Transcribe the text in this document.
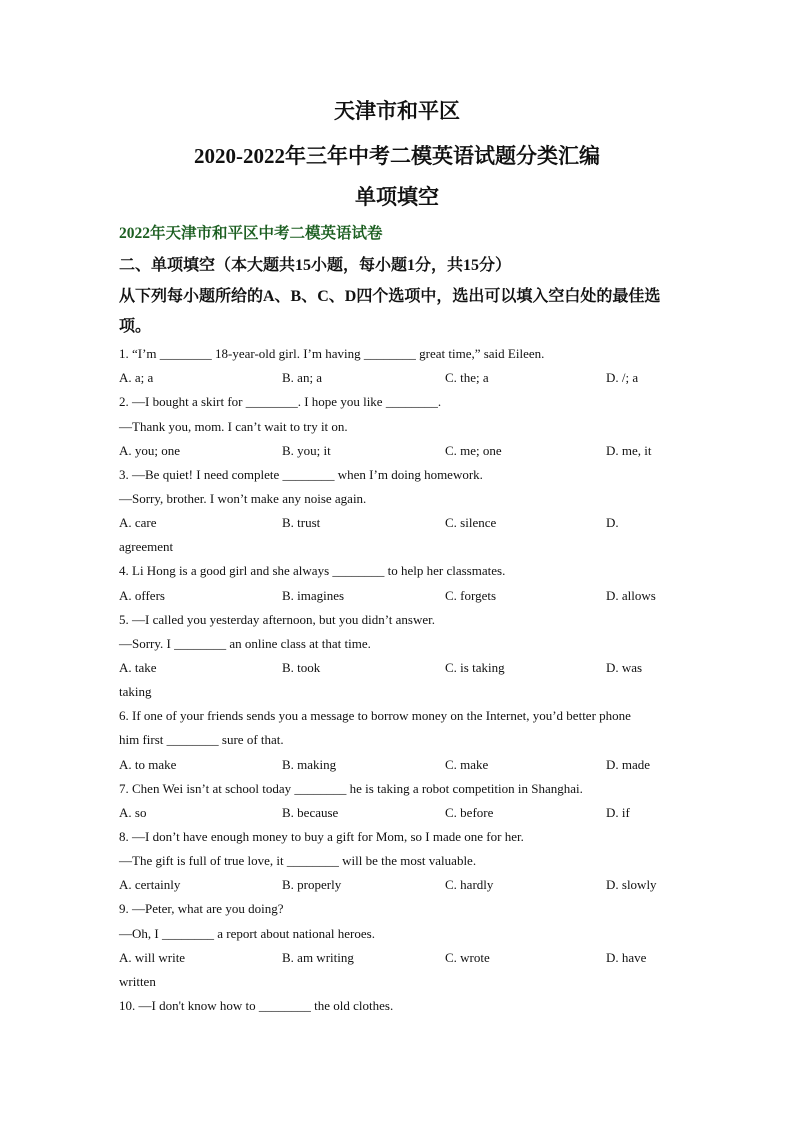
天津市和平区
2020-2022年三年中考二模英语试题分类汇编
单项填空
2022年天津市和平区中考二模英语试卷
二、单项填空（本大题共15小题，每小题1分，共15分）
从下列每小题所给的A、B、C、D四个选项中，选出可以填入空白处的最佳选
项。
1. “I’m ________ 18-year-old girl. I’m having ________ great time,” said Eileen.
A. a; a	B. an; a	C. the; a	D. /; a
2. —I bought a skirt for ________. I hope you like ________.
—Thank you, mom. I can’t wait to try it on.
A. you; one	B. you; it	C. me; one	D. me, it
3. —Be quiet! I need complete ________ when I’m doing homework.
—Sorry, brother. I won’t make any noise again.
A. care	B. trust	C. silence	D.
agreement
4. Li Hong is a good girl and she always ________ to help her classmates.
A. offers	B. imagines	C. forgets	D. allows
5. —I called you yesterday afternoon, but you didn’t answer.
—Sorry. I ________ an online class at that time.
A. take	B. took	C. is taking	D. was
taking
6. If one of your friends sends you a message to borrow money on the Internet, you’d better phone
him first ________ sure of that.
A. to make	B. making	C. make	D. made
7. Chen Wei isn’t at school today ________ he is taking a robot competition in Shanghai.
A. so	B. because	C. before	D. if
8. —I don’t have enough money to buy a gift for Mom, so I made one for her.
—The gift is full of true love, it ________ will be the most valuable.
A. certainly	B. properly	C. hardly	D. slowly
9. —Peter, what are you doing?
—Oh, I ________ a report about national heroes.
A. will write	B. am writing	C. wrote	D. have
written
10. —I don't know how to ________ the old clothes.
